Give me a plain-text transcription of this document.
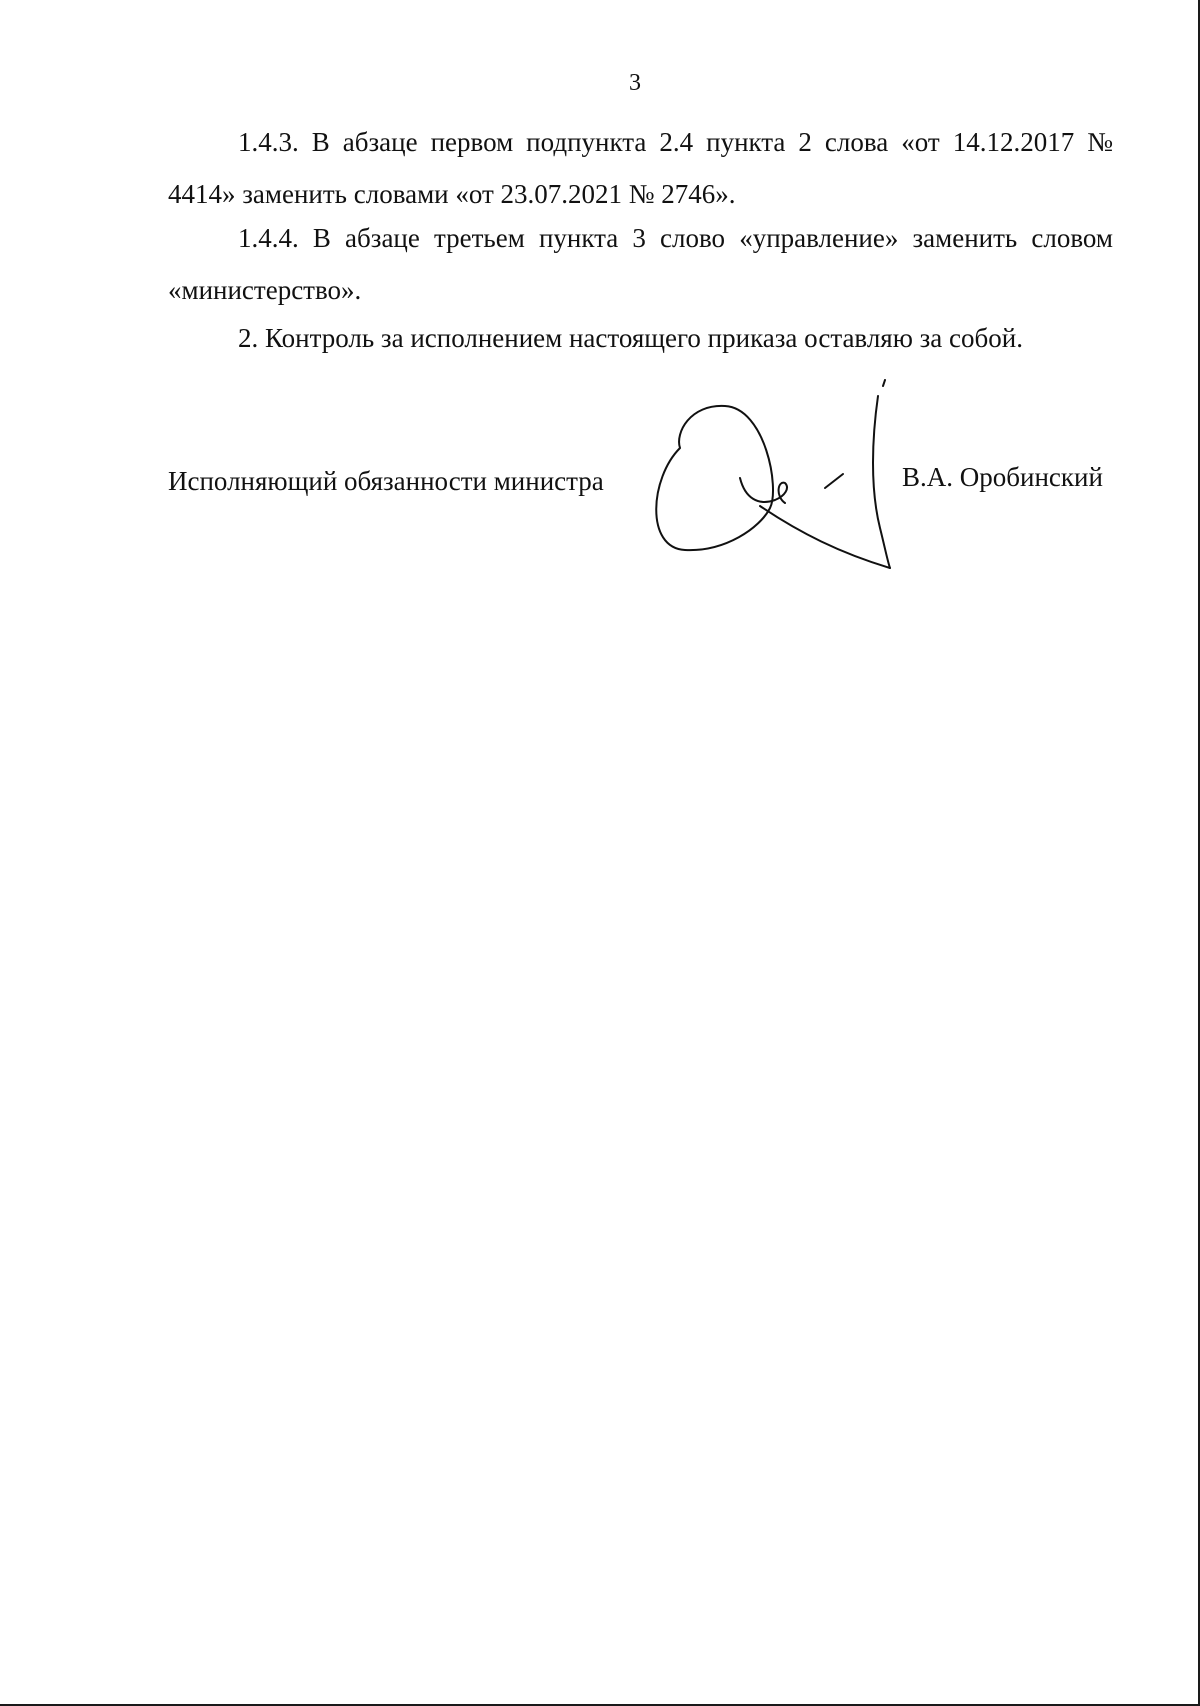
3

1.4.3. В абзаце первом подпункта 2.4 пункта 2 слова «от 14.12.2017 № 4414» заменить словами «от 23.07.2021 № 2746».

1.4.4. В абзаце третьем пункта 3 слово «управление» заменить словом «министерство».

2. Контроль за исполнением настоящего приказа оставляю за собой.

Исполняющий обязанности министра	В.А. Оробинский
